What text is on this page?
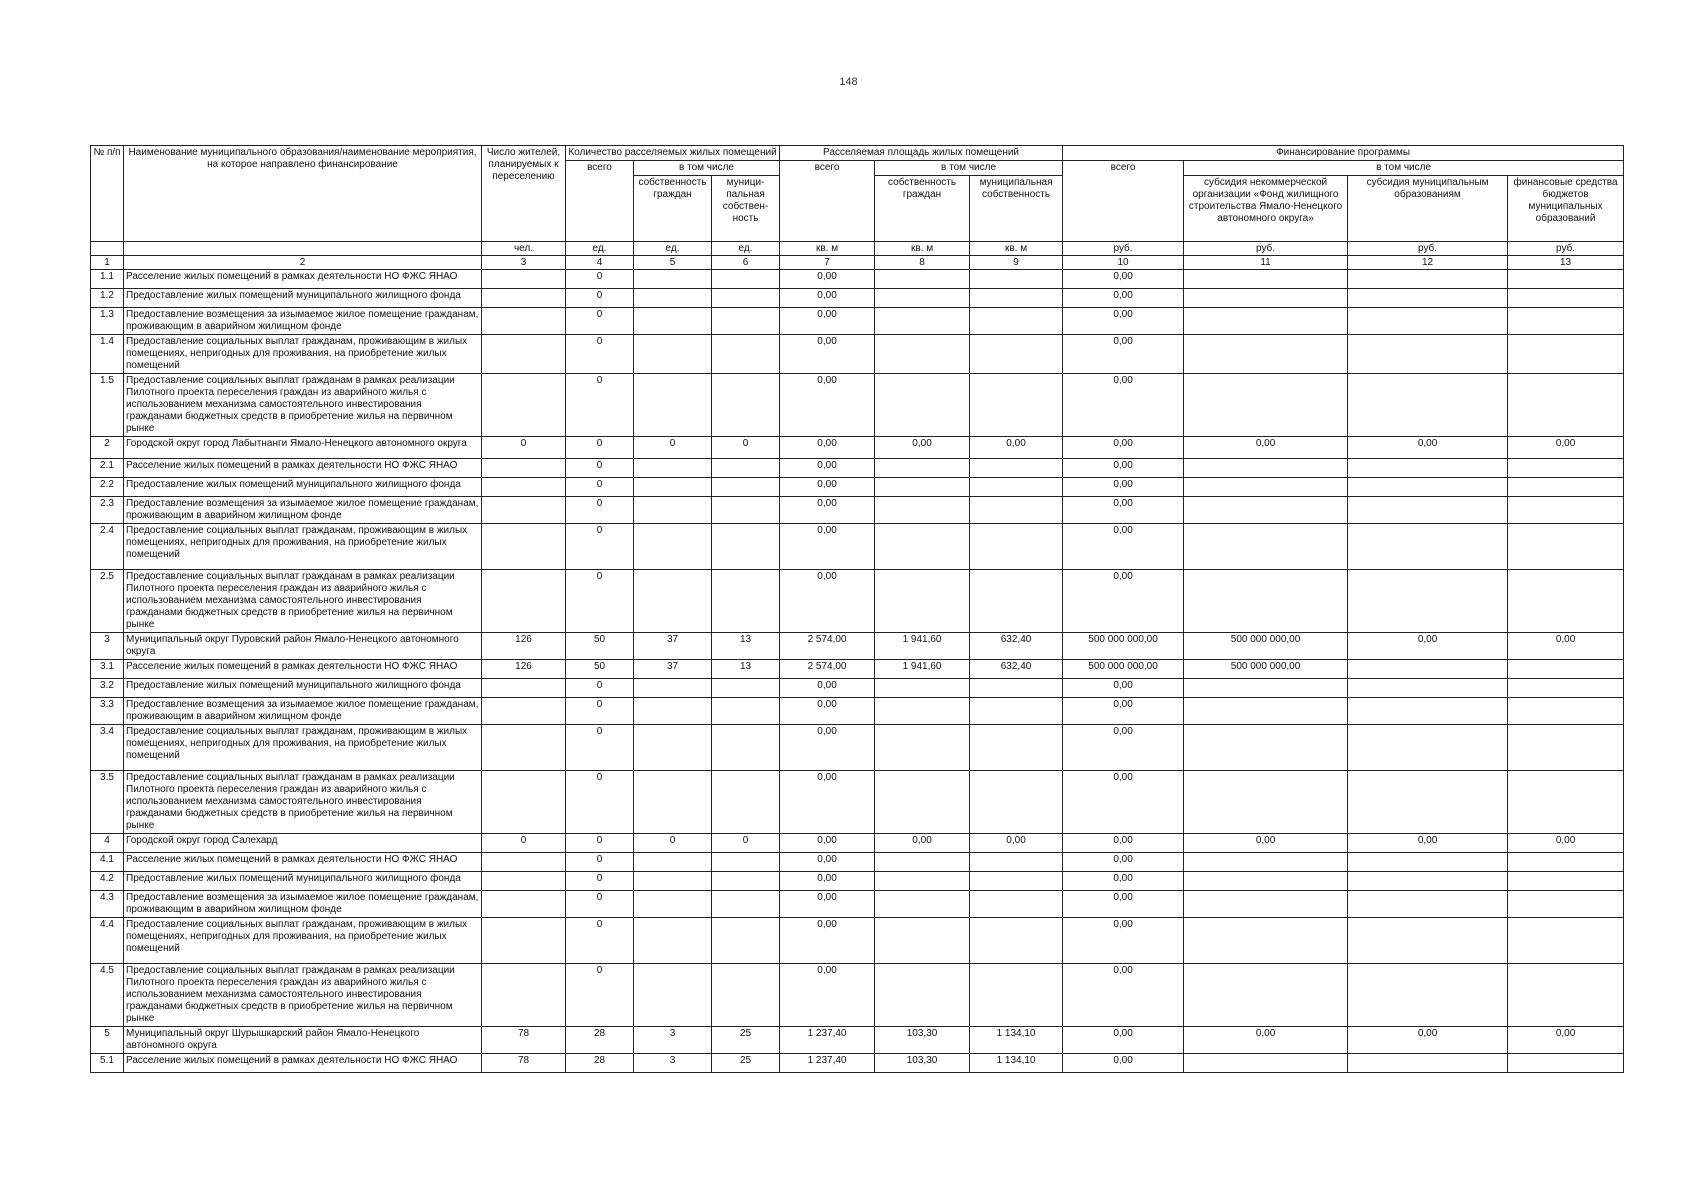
148
№ п/п	Наименование муниципального образования/наименование мероприятия, на которое направлено финансирование	Число жителей, планируемых к переселению	Количество расселяемых жилых помещений			Расселяемая площадь жилых помещений			Финансирование программы			
			всего	в том числе		всего	в том числе		всего	в том числе		
				собственность граждан	муници-пальная собствен-ность		собственность граждан	муниципальная собственность		субсидия некоммерческой организации «Фонд жилищного строительства Ямало-Ненецкого автономного округа»	субсидия муниципальным образованиям	финансовые средства бюджетов муниципальных образований
		чел.	ед.	ед.	ед.	кв. м	кв. м	кв. м	руб.	руб.	руб.	руб.
1	2	3	4	5	6	7	8	9	10	11	12	13
1.1	Расселение жилых помещений в рамках деятельности НО ФЖС ЯНАО		0			0,00			0,00			
1.2	Предоставление жилых помещений муниципального жилищного фонда		0			0,00			0,00			
1.3	Предоставление возмещения за изымаемое жилое помещение гражданам, проживающим в аварийном жилищном фонде		0			0,00			0,00			
1.4	Предоставление социальных выплат гражданам, проживающим в жилых помещениях, непригодных для проживания, на приобретение жилых помещений		0			0,00			0,00			
1.5	Предоставление социальных выплат гражданам в рамках реализации Пилотного проекта переселения граждан из аварийного жилья с использованием механизма самостоятельного инвестирования гражданами бюджетных средств в приобретение жилья на первичном рынке		0			0,00			0,00			
2	Городской округ город Лабытнанги Ямало-Ненецкого автономного округа	0	0	0	0	0,00	0,00	0,00	0,00	0,00	0,00	0,00
2.1	Расселение жилых помещений в рамках деятельности НО ФЖС ЯНАО		0			0,00			0,00			
2.2	Предоставление жилых помещений муниципального жилищного фонда		0			0,00			0,00			
2.3	Предоставление возмещения за изымаемое жилое помещение гражданам, проживающим в аварийном жилищном фонде		0			0,00			0,00			
2.4	Предоставление социальных выплат гражданам, проживающим в жилых помещениях, непригодных для проживания, на приобретение жилых помещений		0			0,00			0,00			
2.5	Предоставление социальных выплат гражданам в рамках реализации Пилотного проекта переселения граждан из аварийного жилья с использованием механизма самостоятельного инвестирования гражданами бюджетных средств в приобретение жилья на первичном рынке		0			0,00			0,00			
3	Муниципальный округ Пуровский район Ямало-Ненецкого автономного округа	126	50	37	13	2 574,00	1 941,60	632,40	500 000 000,00	500 000 000,00	0,00	0,00
3.1	Расселение жилых помещений в рамках деятельности НО ФЖС ЯНАО	126	50	37	13	2 574,00	1 941,60	632,40	500 000 000,00	500 000 000,00		
3.2	Предоставление жилых помещений муниципального жилищного фонда		0			0,00			0,00			
3.3	Предоставление возмещения за изымаемое жилое помещение гражданам, проживающим в аварийном жилищном фонде		0			0,00			0,00			
3.4	Предоставление социальных выплат гражданам, проживающим в жилых помещениях, непригодных для проживания, на приобретение жилых помещений		0			0,00			0,00			
3.5	Предоставление социальных выплат гражданам в рамках реализации Пилотного проекта переселения граждан из аварийного жилья с использованием механизма самостоятельного инвестирования гражданами бюджетных средств в приобретение жилья на первичном рынке		0			0,00			0,00			
4	Городской округ город Салехард	0	0	0	0	0,00	0,00	0,00	0,00	0,00	0,00	0,00
4.1	Расселение жилых помещений в рамках деятельности НО ФЖС ЯНАО		0			0,00			0,00			
4.2	Предоставление жилых помещений муниципального жилищного фонда		0			0,00			0,00			
4.3	Предоставление возмещения за изымаемое жилое помещение гражданам, проживающим в аварийном жилищном фонде		0			0,00			0,00			
4.4	Предоставление социальных выплат гражданам, проживающим в жилых помещениях, непригодных для проживания, на приобретение жилых помещений		0			0,00			0,00			
4.5	Предоставление социальных выплат гражданам в рамках реализации Пилотного проекта переселения граждан из аварийного жилья с использованием механизма самостоятельного инвестирования гражданами бюджетных средств в приобретение жилья на первичном рынке		0			0,00			0,00			
5	Муниципальный округ Шурышкарский район Ямало-Ненецкого автономного округа	78	28	3	25	1 237,40	103,30	1 134,10	0,00	0,00	0,00	0,00
5.1	Расселение жилых помещений в рамках деятельности НО ФЖС ЯНАО	78	28	3	25	1 237,40	103,30	1 134,10	0,00			
